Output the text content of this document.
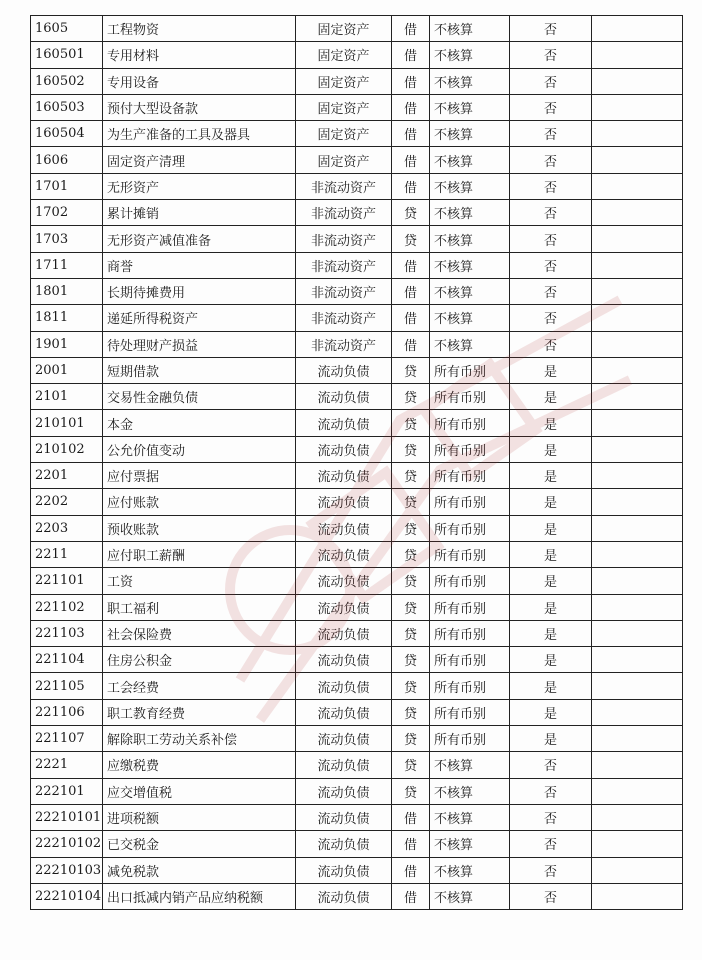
1605	工程物资	固定资产	借	不核算	否	
160501	专用材料	固定资产	借	不核算	否	
160502	专用设备	固定资产	借	不核算	否	
160503	预付大型设备款	固定资产	借	不核算	否	
160504	为生产准备的工具及器具	固定资产	借	不核算	否	
1606	固定资产清理	固定资产	借	不核算	否	
1701	无形资产	非流动资产	借	不核算	否	
1702	累计摊销	非流动资产	贷	不核算	否	
1703	无形资产减值准备	非流动资产	贷	不核算	否	
1711	商誉	非流动资产	借	不核算	否	
1801	长期待摊费用	非流动资产	借	不核算	否	
1811	递延所得税资产	非流动资产	借	不核算	否	
1901	待处理财产损益	非流动资产	借	不核算	否	
2001	短期借款	流动负债	贷	所有币别	是	
2101	交易性金融负债	流动负债	贷	所有币别	是	
210101	本金	流动负债	贷	所有币别	是	
210102	公允价值变动	流动负债	贷	所有币别	是	
2201	应付票据	流动负债	贷	所有币别	是	
2202	应付账款	流动负债	贷	所有币别	是	
2203	预收账款	流动负债	贷	所有币别	是	
2211	应付职工薪酬	流动负债	贷	所有币别	是	
221101	工资	流动负债	贷	所有币别	是	
221102	职工福利	流动负债	贷	所有币别	是	
221103	社会保险费	流动负债	贷	所有币别	是	
221104	住房公积金	流动负债	贷	所有币别	是	
221105	工会经费	流动负债	贷	所有币别	是	
221106	职工教育经费	流动负债	贷	所有币别	是	
221107	解除职工劳动关系补偿	流动负债	贷	所有币别	是	
2221	应缴税费	流动负债	贷	不核算	否	
222101	应交增值税	流动负债	贷	不核算	否	
22210101	进项税额	流动负债	借	不核算	否	
22210102	已交税金	流动负债	借	不核算	否	
22210103	减免税款	流动负债	借	不核算	否	
22210104	出口抵减内销产品应纳税额	流动负债	借	不核算	否	
